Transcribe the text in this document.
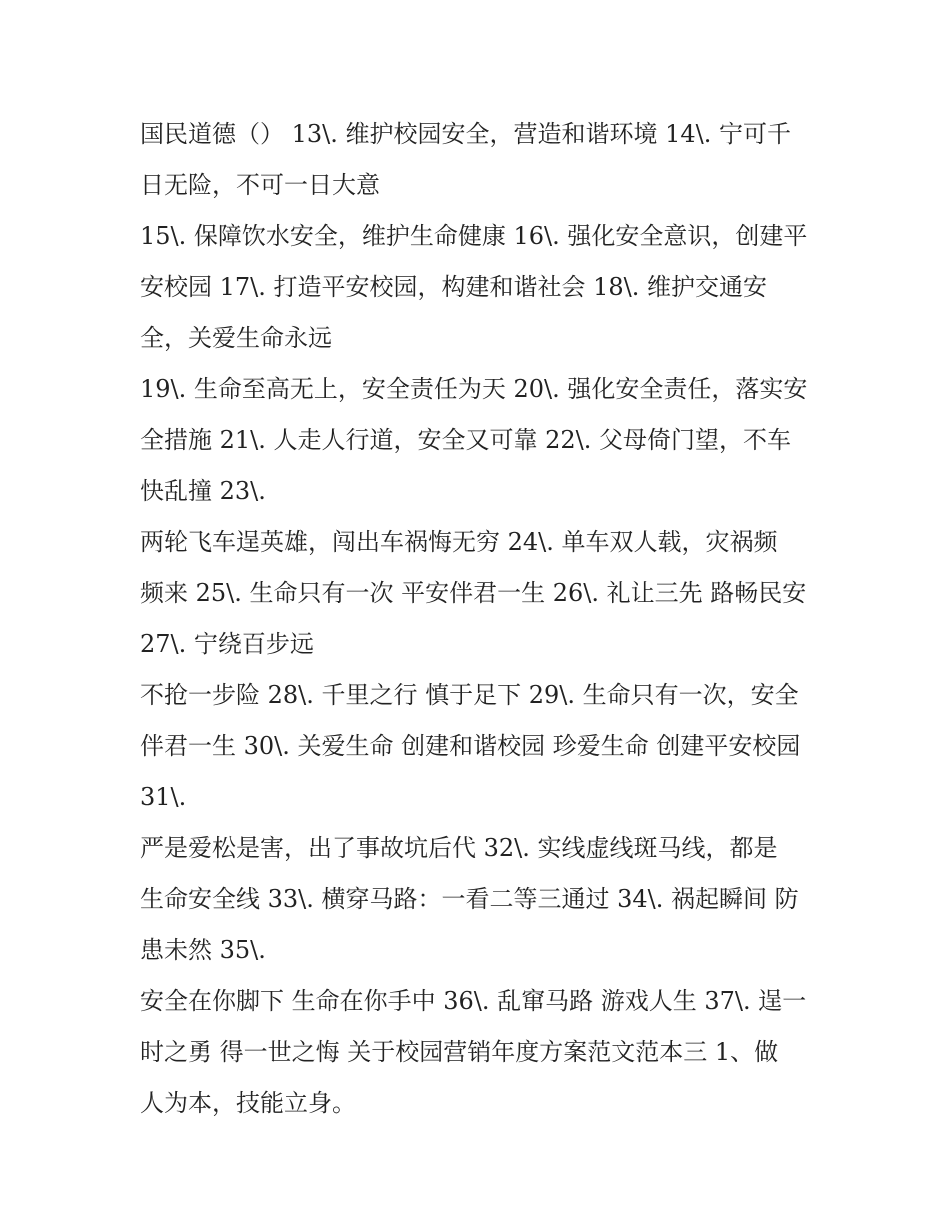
国民道德（） 13\. 维护校园安全，营造和谐环境 14\. 宁可千
日无险，不可一日大意
15\. 保障饮水安全，维护生命健康 16\. 强化安全意识，创建平
安校园 17\. 打造平安校园，构建和谐社会 18\. 维护交通安
全，关爱生命永远
19\. 生命至高无上，安全责任为天 20\. 强化安全责任，落实安
全措施 21\. 人走人行道，安全又可靠 22\. 父母倚门望，不车
快乱撞 23\.
两轮飞车逞英雄，闯出车祸悔无穷 24\. 单车双人载，灾祸频
频来 25\. 生命只有一次 平安伴君一生 26\. 礼让三先 路畅民安
27\. 宁绕百步远
不抢一步险 28\. 千里之行 慎于足下 29\. 生命只有一次，安全
伴君一生 30\. 关爱生命 创建和谐校园 珍爱生命 创建平安校园
31\.
严是爱松是害，出了事故坑后代 32\. 实线虚线斑马线，都是
生命安全线 33\. 横穿马路：一看二等三通过 34\. 祸起瞬间 防
患未然 35\.
安全在你脚下 生命在你手中 36\. 乱窜马路 游戏人生 37\. 逞一
时之勇 得一世之悔 关于校园营销年度方案范文范本三 1、做
人为本，技能立身。
